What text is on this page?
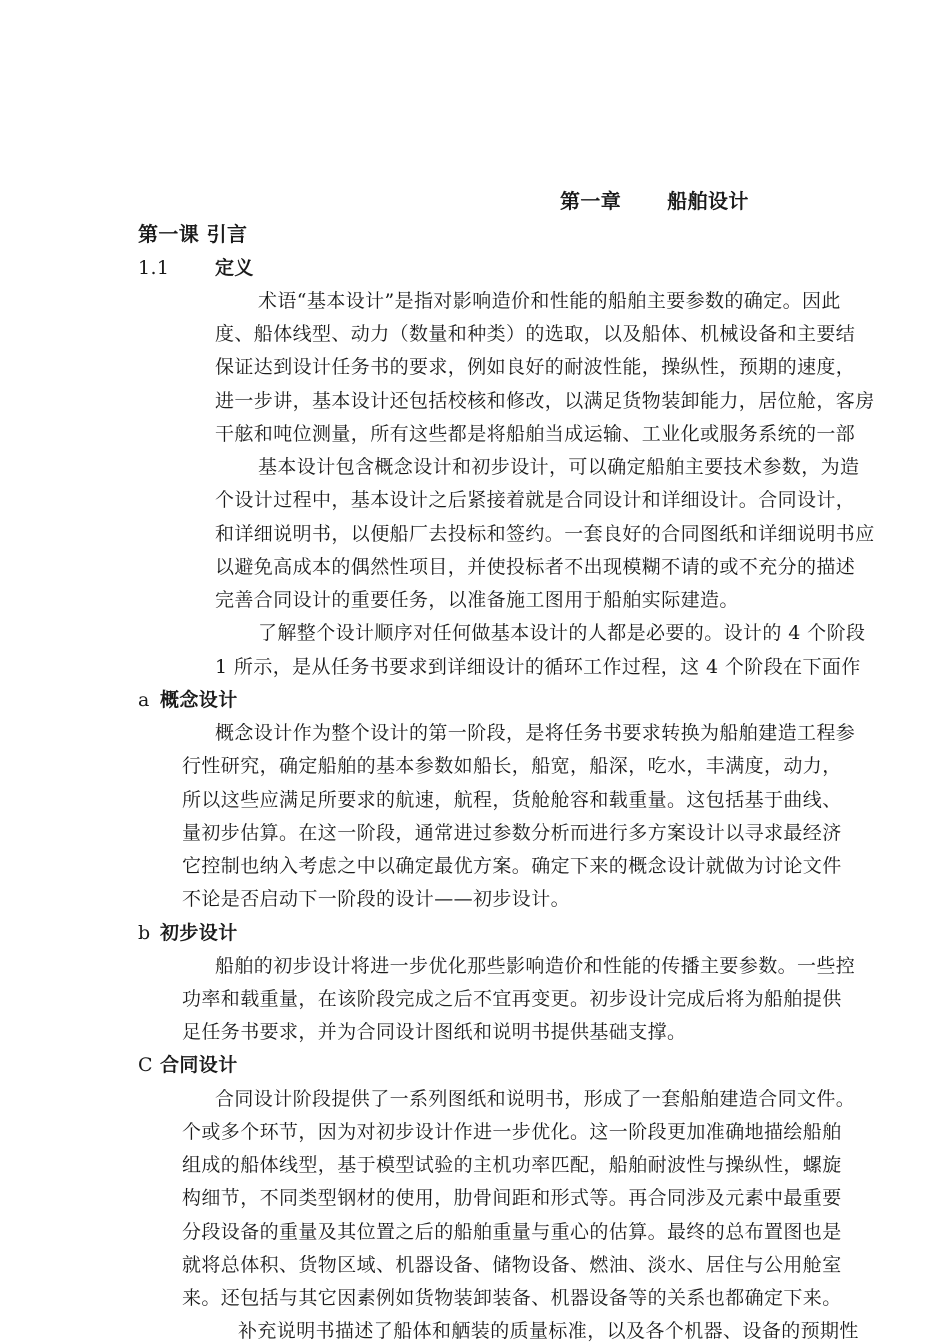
第一章 船舶设计
第一课 引言
1.1 定义
术语“基本设计”是指对影响造价和性能的船舶主要参数的确定。因此
度、船体线型、动力（数量和种类）的选取，以及船体、机械设备和主要结
保证达到设计任务书的要求，例如良好的耐波性能，操纵性，预期的速度，
进一步讲，基本设计还包括校核和修改，以满足货物装卸能力，居位舱，客房
干舷和吨位测量，所有这些都是将船舶当成运输、工业化或服务系统的一部
基本设计包含概念设计和初步设计，可以确定船舶主要技术参数，为造
个设计过程中，基本设计之后紧接着就是合同设计和详细设计。合同设计，
和详细说明书，以便船厂去投标和签约。一套良好的合同图纸和详细说明书应
以避免高成本的偶然性项目，并使投标者不出现模糊不请的或不充分的描述
完善合同设计的重要任务，以准备施工图用于船舶实际建造。
了解整个设计顺序对任何做基本设计的人都是必要的。设计的 4 个阶段
1 所示，是从任务书要求到详细设计的循环工作过程，这 4 个阶段在下面作
a 概念设计
概念设计作为整个设计的第一阶段，是将任务书要求转换为船舶建造工程参
行性研究，确定船舶的基本参数如船长，船宽，船深，吃水，丰满度，动力，
所以这些应满足所要求的航速，航程，货舱舱容和载重量。这包括基于曲线、
量初步估算。在这一阶段，通常进过参数分析而进行多方案设计以寻求最经济
它控制也纳入考虑之中以确定最优方案。确定下来的概念设计就做为讨论文件
不论是否启动下一阶段的设计——初步设计。
b 初步设计
船舶的初步设计将进一步优化那些影响造价和性能的传播主要参数。一些控
功率和载重量，在该阶段完成之后不宜再变更。初步设计完成后将为船舶提供
足任务书要求，并为合同设计图纸和说明书提供基础支撑。
C 合同设计
合同设计阶段提供了一系列图纸和说明书，形成了一套船舶建造合同文件。
个或多个环节，因为对初步设计作进一步优化。这一阶段更加准确地描绘船舶
组成的船体线型，基于模型试验的主机功率匹配，船舶耐波性与操纵性，螺旋
构细节，不同类型钢材的使用，肋骨间距和形式等。再合同涉及元素中最重要
分段设备的重量及其位置之后的船舶重量与重心的估算。最终的总布置图也是
就将总体积、货物区域、机器设备、储物设备、燃油、淡水、居住与公用舱室
来。还包括与其它因素例如货物装卸装备、机器设备等的关系也都确定下来。
补充说明书描述了船体和舾装的质量标准，以及各个机器、设备的预期性
